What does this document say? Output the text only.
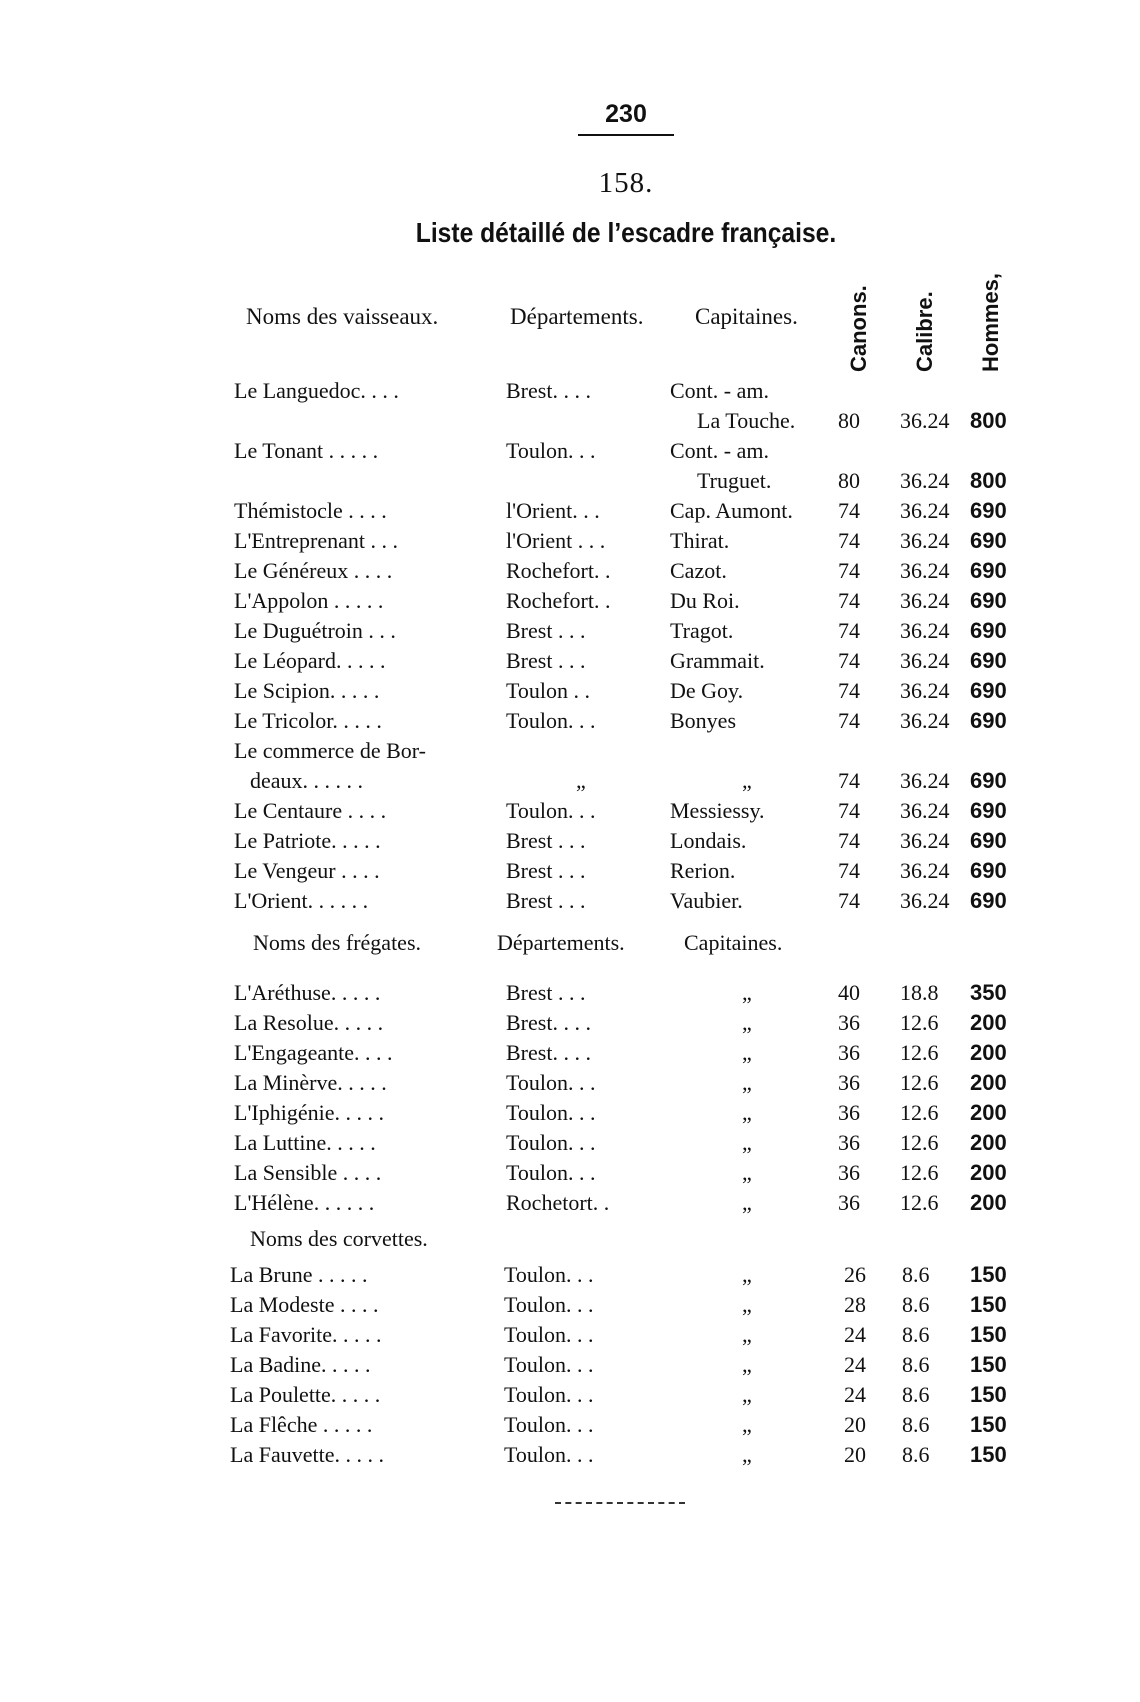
230
158.
Liste détaillé de l’escadre française.
Noms des vaisseaux.	Départements. Capitaines. Canons. Calibre. Hommes,
Le Languedoc. . . .	Brest. . . .	Cont. - am.
La Touche. 80 36.24 800
Le Tonant . . . . .	Toulon. . .	Cont. - am.
Truguet.	80 36.24 800
Thémistocle . . . .	l'Orient. . .	Cap. Aumont. 74 36.24 690
L'Entreprenant . . .	l'Orient . . .	Thirat.	74 36.24 690
Le Généreux . . . .	Rochefort. .	Cazot.	74 36.24 690
L'Appolon . . . . .	Rochefort. .	Du Roi.	74 36.24 690
Le Duguétroin . . .	Brest . . .	Tragot.	74 36.24 690
Le Léopard. . . . .	Brest . . .	Grammait.	74 36.24 690
Le Scipion. . . . .	Toulon . .	De Goy.	74 36.24 690
Le Tricolor. . . . .	Toulon. . .	Bonyes	74 36.24 690
Le commerce de Bor-
deaux. . . . . .	„	„	74 36.24 690
Le Centaure . . . .	Toulon. . .	Messiessy.	74 36.24 690
Le Patriote. . . . .	Brest . . .	Londais.	74 36.24 690
Le Vengeur . . . .	Brest . . .	Rerion.	74 36.24 690
L'Orient. . . . . .	Brest . . .	Vaubier.	74 36.24 690
Noms des frégates.	Départements.	Capitaines.
L'Aréthuse. . . . .	Brest . . .	„	40 18.8 350
La Resolue. . . . .	Brest. . . .	„	36 12.6 200
L'Engageante. . . .	Brest. . . .	„	36 12.6 200
La Minèrve. . . . .	Toulon. . .	„	36 12.6 200
L'Iphigénie. . . . .	Toulon. . .	„	36 12.6 200
La Luttine. . . . .	Toulon. . .	„	36 12.6 200
La Sensible . . . .	Toulon. . .	„	36 12.6 200
L'Hélène. . . . . .	Rochetort. .	„	36 12.6 200
Noms des corvettes.
La Brune . . . . .	Toulon. . .	„	26 8.6 150
La Modeste . . . .	Toulon. . .	„	28 8.6 150
La Favorite. . . . .	Toulon. . .	„	24 8.6 150
La Badine. . . . .	Toulon. . .	„	24 8.6 150
La Poulette. . . . .	Toulon. . .	„	24 8.6 150
La Flêche . . . . .	Toulon. . .	„	20 8.6 150
La Fauvette. . . . .	Toulon. . .	„	20 8.6 150
